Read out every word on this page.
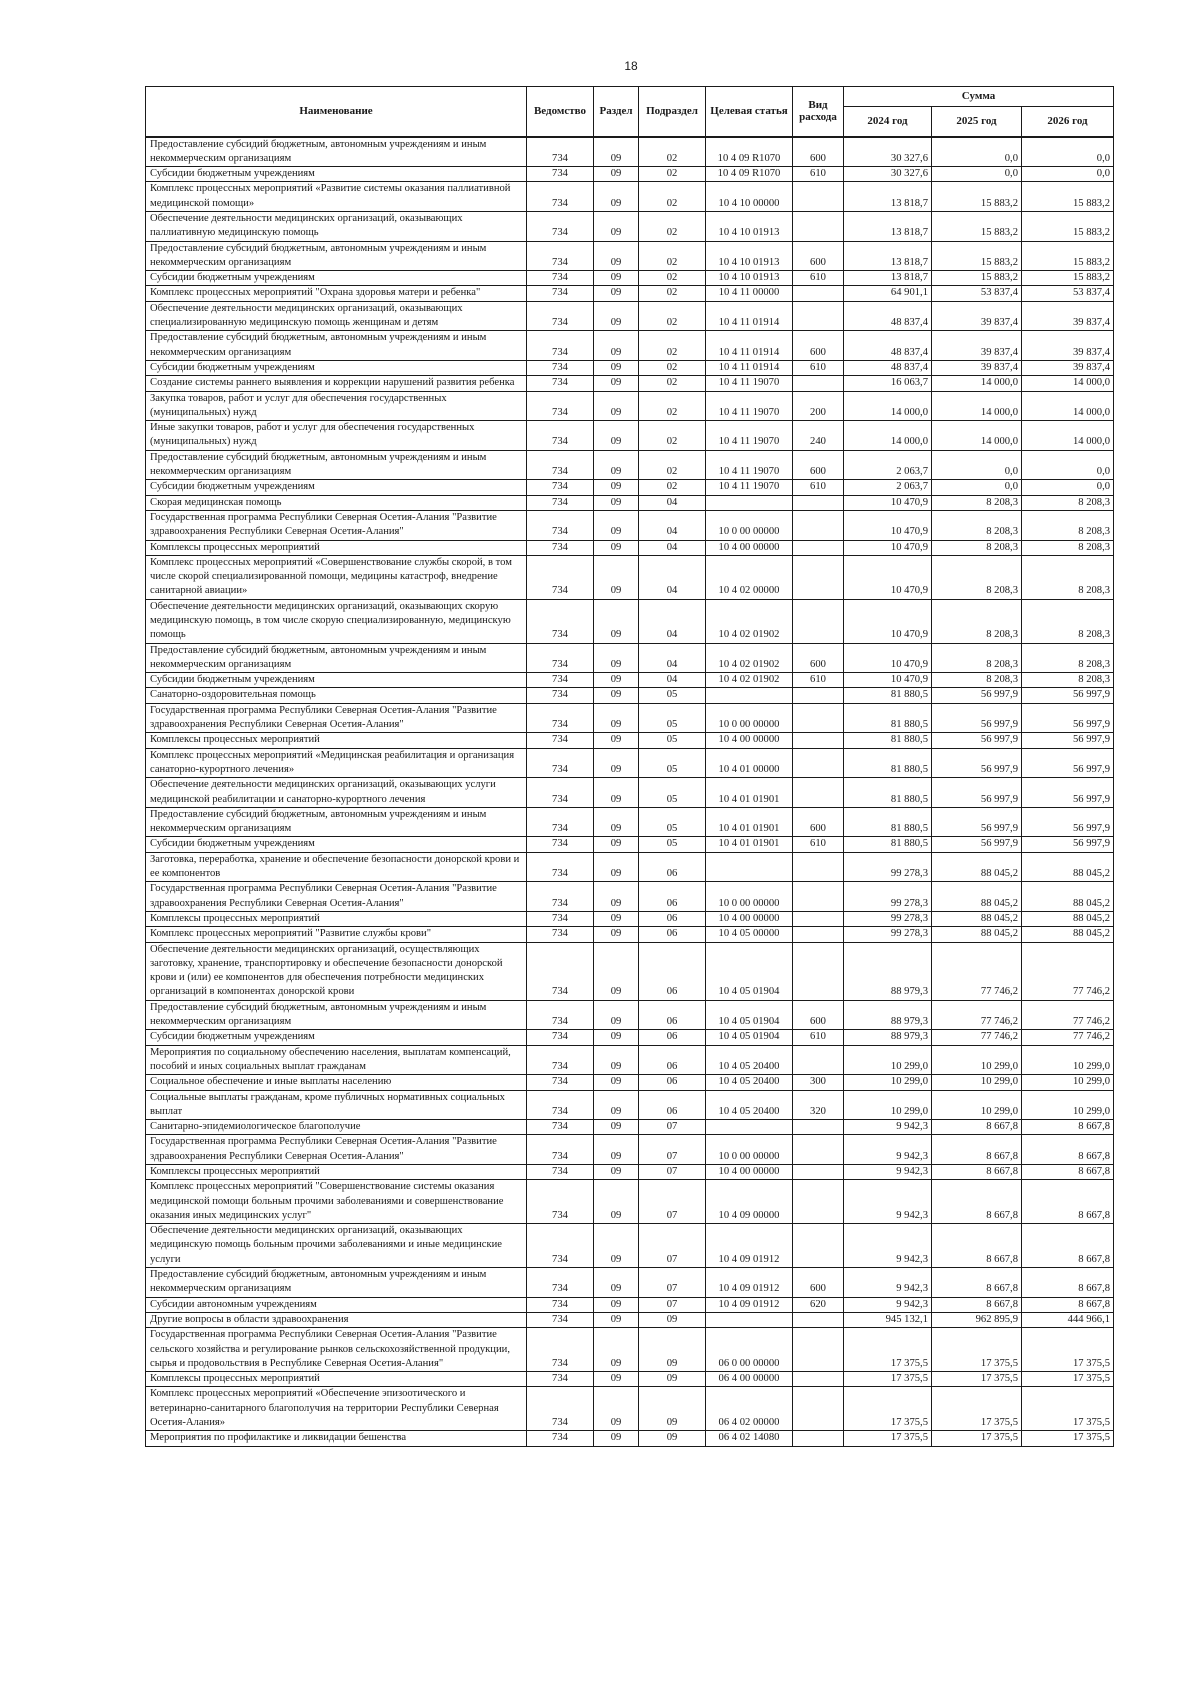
18
Наименование	Ведомство	Раздел	Подраздел	Целевая статья	Вид расхода	Сумма		
						2024 год	2025 год	2026 год
Предоставление субсидий бюджетным, автономным учреждениям и иным некоммерческим организациям	734	09	02	10 4 09 R1070	600	30 327,6	0,0	0,0
Субсидии бюджетным учреждениям	734	09	02	10 4 09 R1070	610	30 327,6	0,0	0,0
Комплекс процессных мероприятий «Развитие системы оказания паллиативной медицинской помощи»	734	09	02	10 4 10 00000		13 818,7	15 883,2	15 883,2
Обеспечение деятельности медицинских организаций, оказывающих паллиативную медицинскую помощь	734	09	02	10 4 10 01913		13 818,7	15 883,2	15 883,2
Предоставление субсидий бюджетным, автономным учреждениям и иным некоммерческим организациям	734	09	02	10 4 10 01913	600	13 818,7	15 883,2	15 883,2
Субсидии бюджетным учреждениям	734	09	02	10 4 10 01913	610	13 818,7	15 883,2	15 883,2
Комплекс процессных мероприятий "Охрана здоровья матери и ребенка"	734	09	02	10 4 11 00000		64 901,1	53 837,4	53 837,4
Обеспечение деятельности медицинских организаций, оказывающих специализированную медицинскую помощь женщинам и детям	734	09	02	10 4 11 01914		48 837,4	39 837,4	39 837,4
Предоставление субсидий бюджетным, автономным учреждениям и иным некоммерческим организациям	734	09	02	10 4 11 01914	600	48 837,4	39 837,4	39 837,4
Субсидии бюджетным учреждениям	734	09	02	10 4 11 01914	610	48 837,4	39 837,4	39 837,4
Создание системы раннего выявления и коррекции нарушений развития ребенка	734	09	02	10 4 11 19070		16 063,7	14 000,0	14 000,0
Закупка товаров, работ и услуг для обеспечения государственных (муниципальных) нужд	734	09	02	10 4 11 19070	200	14 000,0	14 000,0	14 000,0
Иные закупки товаров, работ и услуг для обеспечения государственных (муниципальных) нужд	734	09	02	10 4 11 19070	240	14 000,0	14 000,0	14 000,0
Предоставление субсидий бюджетным, автономным учреждениям и иным некоммерческим организациям	734	09	02	10 4 11 19070	600	2 063,7	0,0	0,0
Субсидии бюджетным учреждениям	734	09	02	10 4 11 19070	610	2 063,7	0,0	0,0
Скорая медицинская помощь	734	09	04			10 470,9	8 208,3	8 208,3
Государственная программа Республики Северная Осетия-Алания "Развитие здравоохранения Республики Северная Осетия-Алания"	734	09	04	10 0 00 00000		10 470,9	8 208,3	8 208,3
Комплексы процессных мероприятий	734	09	04	10 4 00 00000		10 470,9	8 208,3	8 208,3
Комплекс процессных мероприятий «Совершенствование службы скорой, в том числе скорой специализированной помощи, медицины катастроф, внедрение санитарной авиации»	734	09	04	10 4 02 00000		10 470,9	8 208,3	8 208,3
Обеспечение деятельности медицинских организаций, оказывающих скорую медицинскую помощь, в том числе скорую специализированную, медицинскую помощь	734	09	04	10 4 02 01902		10 470,9	8 208,3	8 208,3
Предоставление субсидий бюджетным, автономным учреждениям и иным некоммерческим организациям	734	09	04	10 4 02 01902	600	10 470,9	8 208,3	8 208,3
Субсидии бюджетным учреждениям	734	09	04	10 4 02 01902	610	10 470,9	8 208,3	8 208,3
Санаторно-оздоровительная помощь	734	09	05			81 880,5	56 997,9	56 997,9
Государственная программа Республики Северная Осетия-Алания "Развитие здравоохранения Республики Северная Осетия-Алания"	734	09	05	10 0 00 00000		81 880,5	56 997,9	56 997,9
Комплексы процессных мероприятий	734	09	05	10 4 00 00000		81 880,5	56 997,9	56 997,9
Комплекс процессных мероприятий «Медицинская реабилитация и организация санаторно-курортного лечения»	734	09	05	10 4 01 00000		81 880,5	56 997,9	56 997,9
Обеспечение деятельности медицинских организаций, оказывающих услуги медицинской реабилитации и санаторно-курортного лечения	734	09	05	10 4 01 01901		81 880,5	56 997,9	56 997,9
Предоставление субсидий бюджетным, автономным учреждениям и иным некоммерческим организациям	734	09	05	10 4 01 01901	600	81 880,5	56 997,9	56 997,9
Субсидии бюджетным учреждениям	734	09	05	10 4 01 01901	610	81 880,5	56 997,9	56 997,9
Заготовка, переработка, хранение и обеспечение безопасности донорской крови и ее компонентов	734	09	06			99 278,3	88 045,2	88 045,2
Государственная программа Республики Северная Осетия-Алания "Развитие здравоохранения Республики Северная Осетия-Алания"	734	09	06	10 0 00 00000		99 278,3	88 045,2	88 045,2
Комплексы процессных мероприятий	734	09	06	10 4 00 00000		99 278,3	88 045,2	88 045,2
Комплекс процессных мероприятий "Развитие службы крови"	734	09	06	10 4 05 00000		99 278,3	88 045,2	88 045,2
Обеспечение деятельности медицинских организаций, осуществляющих заготовку, хранение, транспортировку и обеспечение безопасности донорской крови и (или) ее компонентов для обеспечения потребности медицинских организаций в компонентах донорской крови	734	09	06	10 4 05 01904		88 979,3	77 746,2	77 746,2
Предоставление субсидий бюджетным, автономным учреждениям и иным некоммерческим организациям	734	09	06	10 4 05 01904	600	88 979,3	77 746,2	77 746,2
Субсидии бюджетным учреждениям	734	09	06	10 4 05 01904	610	88 979,3	77 746,2	77 746,2
Мероприятия по социальному обеспечению населения, выплатам компенсаций, пособий и иных социальных выплат гражданам	734	09	06	10 4 05 20400		10 299,0	10 299,0	10 299,0
Социальное обеспечение и иные выплаты населению	734	09	06	10 4 05 20400	300	10 299,0	10 299,0	10 299,0
Социальные выплаты гражданам, кроме публичных нормативных социальных выплат	734	09	06	10 4 05 20400	320	10 299,0	10 299,0	10 299,0
Санитарно-эпидемиологическое благополучие	734	09	07			9 942,3	8 667,8	8 667,8
Государственная программа Республики Северная Осетия-Алания "Развитие здравоохранения Республики Северная Осетия-Алания"	734	09	07	10 0 00 00000		9 942,3	8 667,8	8 667,8
Комплексы процессных мероприятий	734	09	07	10 4 00 00000		9 942,3	8 667,8	8 667,8
Комплекс процессных мероприятий "Совершенствование системы оказания медицинской помощи больным прочими заболеваниями и совершенствование оказания иных медицинских услуг"	734	09	07	10 4 09 00000		9 942,3	8 667,8	8 667,8
Обеспечение деятельности медицинских организаций, оказывающих медицинскую помощь больным прочими заболеваниями и иные медицинские услуги	734	09	07	10 4 09 01912		9 942,3	8 667,8	8 667,8
Предоставление субсидий бюджетным, автономным учреждениям и иным некоммерческим организациям	734	09	07	10 4 09 01912	600	9 942,3	8 667,8	8 667,8
Субсидии автономным учреждениям	734	09	07	10 4 09 01912	620	9 942,3	8 667,8	8 667,8
Другие вопросы в области здравоохранения	734	09	09			945 132,1	962 895,9	444 966,1
Государственная программа Республики Северная Осетия-Алания "Развитие сельского хозяйства и регулирование рынков сельскохозяйственной продукции, сырья и продовольствия в Республике Северная Осетия-Алания"	734	09	09	06 0 00 00000		17 375,5	17 375,5	17 375,5
Комплексы процессных мероприятий	734	09	09	06 4 00 00000		17 375,5	17 375,5	17 375,5
Комплекс процессных мероприятий «Обеспечение эпизоотического и ветеринарно-санитарного благополучия на территории Республики Северная Осетия-Алания»	734	09	09	06 4 02 00000		17 375,5	17 375,5	17 375,5
Мероприятия по профилактике и ликвидации бешенства	734	09	09	06 4 02 14080		17 375,5	17 375,5	17 375,5
